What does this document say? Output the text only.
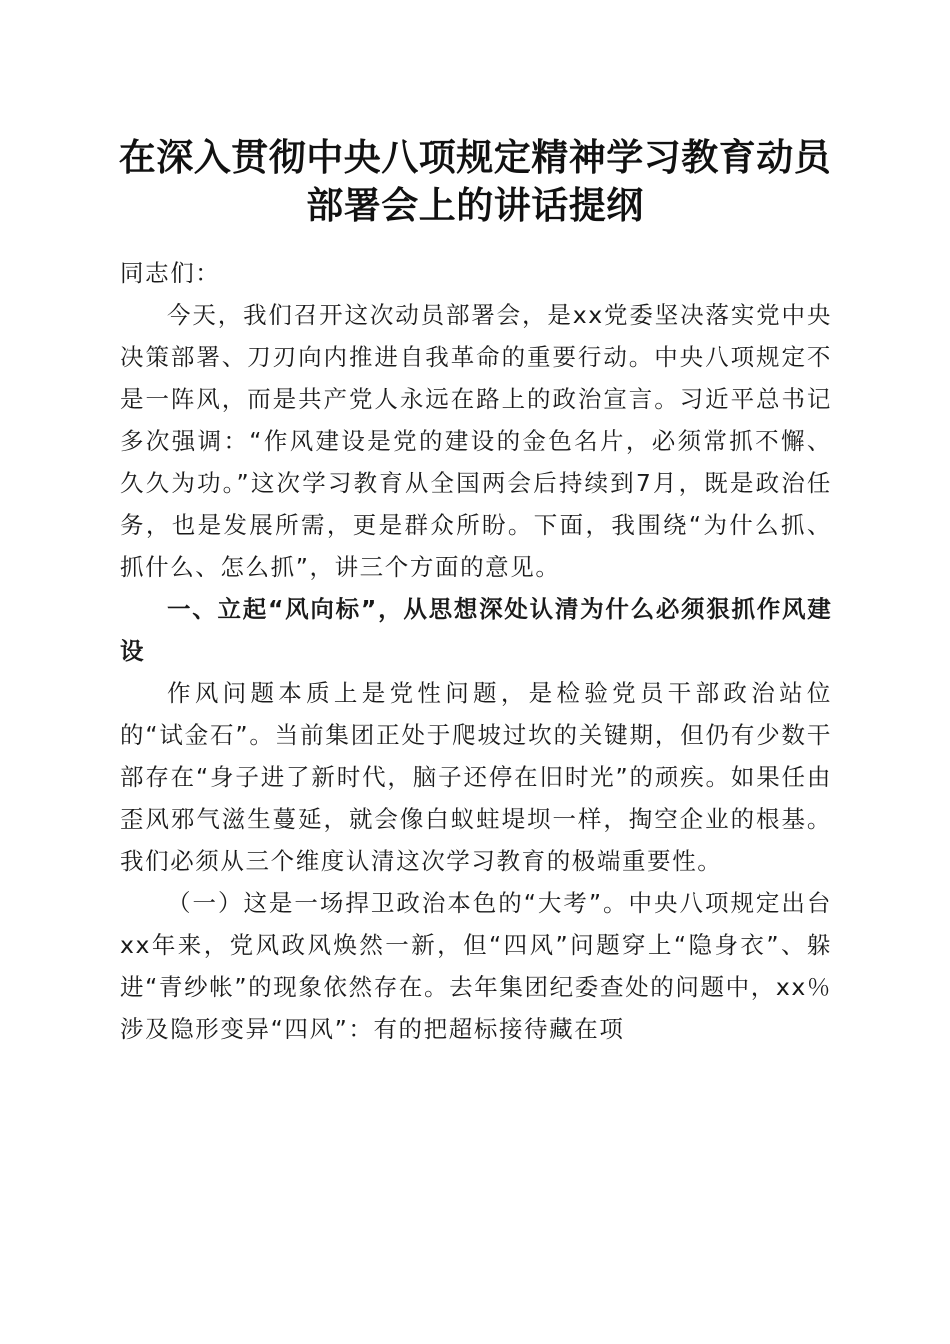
在深入贯彻中央八项规定精神学习教育动员部署会上的讲话提纲

同志们：

今天，我们召开这次动员部署会，是xx党委坚决落实党中央决策部署、刀刃向内推进自我革命的重要行动。中央八项规定不是一阵风，而是共产党人永远在路上的政治宣言。习近平总书记多次强调：“作风建设是党的建设的金色名片，必须常抓不懈、久久为功。”这次学习教育从全国两会后持续到7月，既是政治任务，也是发展所需，更是群众所盼。下面，我围绕“为什么抓、抓什么、怎么抓”，讲三个方面的意见。

一、立起“风向标”，从思想深处认清为什么必须狠抓作风建设

作风问题本质上是党性问题，是检验党员干部政治站位的“试金石”。当前集团正处于爬坡过坎的关键期，但仍有少数干部存在“身子进了新时代，脑子还停在旧时光”的顽疾。如果任由歪风邪气滋生蔓延，就会像白蚁蛀堤坝一样，掏空企业的根基。我们必须从三个维度认清这次学习教育的极端重要性。

（一）这是一场捍卫政治本色的“大考”。中央八项规定出台xx年来，党风政风焕然一新，但“四风”问题穿上“隐身衣”、躲进“青纱帐”的现象依然存在。去年集团纪委查处的问题中，xx％涉及隐形变异“四风”：有的把超标接待藏在项
